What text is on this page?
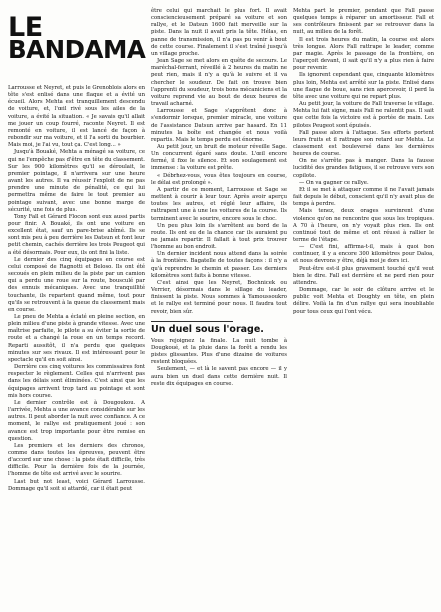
LE
BANDAMA

Larrousse et Neyret, et puis le Grenoblois alors en tête s'est enlisé dans une flaque et a évité un écueil. Alors Mehta est tranquillement descendu de voiture, et, l'œil rivé sous les ailes de la voiture, a évité la situation. « Je savais qu'il allait me jouer un coup fourré, raconte Neyret. Il est remonté en voiture, il est lancé de façon à rebondir sur ma voiture, et il l'a sorti du bourbier. Mais moi, je l'ai vu, tout ça. C'est long... »

Jusqu'à Bouaké, Mehta a ménagé sa voiture, ce qui ne l'empêche pas d'être en tête du classement. Sur les 900 kilomètres qu'il se déroulait, le premier pointage, il n'arrivera sur une heure avant les autres. Il va réussir l'exploit de ne pas prendre une minute de pénalité, ce qui lui permettra même de faire le tout premier au pointage suivant, avec une bonne marge de sécurité, une fois de plus.

Tony Fall et Gérard Flocon sont eux aussi partis pour finir. A Bouaké, ils ont une voiture en excellent état, sauf un pare-brise abîmé. Ils se sont mis peu à peu derrière les Datsun et font leur petit chemin, cachés derrière les trois Peugeot qui a été désormais. Pour eux, ils ont fini la liste.

Le dernier des cinq équipages en course est celui composé de Ragnotti et Beloso. Ils ont été secoués en plein milieu de la piste par un camion qui a perdu une roue sur la route, bousculé par des ennuis mécaniques. Avec une tranquillité touchante, ils repartent quand même, tout pour qu'ils se retrouvent à la queue du classement mais en course.

Le pneu de Mehta a éclaté en pleine section, en plein milieu d'une piste à grande vitesse. Avec une maîtrise parfaite, le pilote a su éviter la sortie de route et a changé la roue en un temps record. Reparti aussitôt, il n'a perdu que quelques minutes sur ses rivaux. Il est intéressant pour le spectacle qu'il en soit ainsi.

Derrière ces cinq voitures les commissaires font respecter le règlement. Celles qui n'arrivent pas dans les délais sont éliminées. C'est ainsi que les équipages arrivent trop tard au pointage et sont mis hors course.

Le dernier contrôle est à Dougoukou. A l'arrivée, Mehta a une avance considérable sur les autres. Il peut aborder la nuit avec confiance. A ce moment, le rallye est pratiquement joué : son avance est trop importante pour être remise en question.

Les premiers et les derniers des chronos, comme dans toutes les épreuves, peuvent être d'accord sur une chose : la piste était difficile, très difficile. Pour la dernière fois de la journée, l'homme de tête est arrivé avec le sourire.

Last but not least, voici Gérard Larrousse. Dommage qu'il soit si attardé, car il était peut

être celui qui marchait le plus fort. Il avait consciencieusement préparé sa voiture et son rallye, et le Datsun 1600 fait merveille sur la piste. Dans la nuit il avait pris la tête. Hélas, en panne de transmission, il n'a pas pu venir à bout de cette course. Finalement il s'est traîné jusqu'à un village proche.

Jean Sage se met alors en quête de secours. Le maréchal-ferrant, réveillé à 2 heures du matin ne peut rien, mais il n'y a qu'à le suivre et il va chercher le soudeur. De fait on trouve bien l'apprenti du soudeur, trois bons mécaniciens et la voiture reprend vie au bout de deux heures de travail acharné.

Larrousse et Sage s'apprêtent donc à s'endormir lorsque, premier miracle, une voiture de l'assistance Datsun arrive par hasard. En 11 minutes la boîte est changée et nous voilà repartis. Mais le temps perdu est énorme.

Au petit jour, un bruit de moteur réveille Sage. Un concurrent égaré sans doute. L'œil encore fermé, il fixe le silence. Et son soulagement est immense : la voiture est prête.

« Débrhez-vous, vous êtes toujours en course, le délai est prolongé ».

A partir de ce moment, Larrousse et Sage se mettent à courir à leur tour. Après avoir aperçu toutes les autres, et réglé leur affaire, ils rattrapent une à une les voitures de la course. Ils terminent avec le sourire, encore sous le choc.

Un peu plus loin ils s'arrêtent au bord de la route. Ils ont eu de la chance car ils auraient pu ne jamais repartir. Il fallait à tout prix trouver l'homme au bon endroit.

Un dernier incident nous attend dans la soirée à la frontière. Bagatelle de toutes façons : il n'y a qu'à reprendre le chemin et passer. Les derniers kilomètres sont faits à bonne vitesse.

C'est ainsi que les Neyret, Bochnicek ou Verrier, désormais dans le sillage du leader, finissent la piste. Nous sommes à Yamoussoukro et le rallye est terminé pour nous. Il faudra tout revoir, bien sûr.

Un duel sous l'orage.

Vous rejoignez la finale. La nuit tombe à Dougkoué, et la pluie dans la forêt a rendu les pistes glissantes. Plus d'une dizaine de voitures restent bloquées.

Seulement, — et là le savent pas encore — il y aura bien un duel dans cette dernière nuit. Il reste dix équipages en course.

Mehta part le premier, pendant que Fall passe quelques temps à réparer un amortisseur. Fall et ses contrôleurs finissent par se retrouver dans la nuit, au milieu de la forêt.

Il est trois heures du matin, la course est alors très longue. Alors Fall rattrape le leader, comme par magie. Après le passage de la frontière, on l'aperçoit devant, il sait qu'il n'y a plus rien à faire pour revenir.

Ils ignorent cependant que, cinquante kilomètres plus loin, Mehta est arrêté sur la piste. Enlisé dans une flaque de boue, sans rien apercevoir, il perd la tête avec une voiture qui ne repart plus.

Au petit jour, la voiture de Fall traverse le village. Mehta lui fait signe, mais Fall ne ralentit pas. Il sait que cette fois la victoire est à portée de main. Les pilotes Peugeot sont épuisés.

Fall passe alors à l'attaque. Ses efforts portent leurs fruits et il rattrape son retard sur Mehta. Le classement est bouleversé dans les dernières heures de course.

On ne s'arrête pas à manger. Dans la fausse lucidité des grandes fatigues, il se retrouve vers son copilote.

— On va gagner ce rallye.

Et il se met à attaquer comme il ne l'avait jamais fait depuis le début, conscient qu'il n'y avait plus de temps à perdre.

Mais tenez, deux orages survinrent d'une violence qu'on ne rencontre que sous les tropiques. A 70 à l'heure, on n'y voyait plus rien. Ils ont continué tout de même et ont réussi à rallier le terme de l'étape.

— C'est fini, affirma-t-il, mais à quoi bon continuer, il y a encore 300 kilomètres pour Daloa, et nous devrons y être, déjà moi je dors ici.

Peut-être est-il plus gravement touché qu'il veut bien le dire. Fall est derrière et ne perd rien pour attendre.

Dommage, car le soir de clôture arrive et le public voit Mehta et Doughty en tête, en plein délire. Voilà la fin d'un rallye qui sera inoubliable pour tous ceux qui l'ont vécu.
